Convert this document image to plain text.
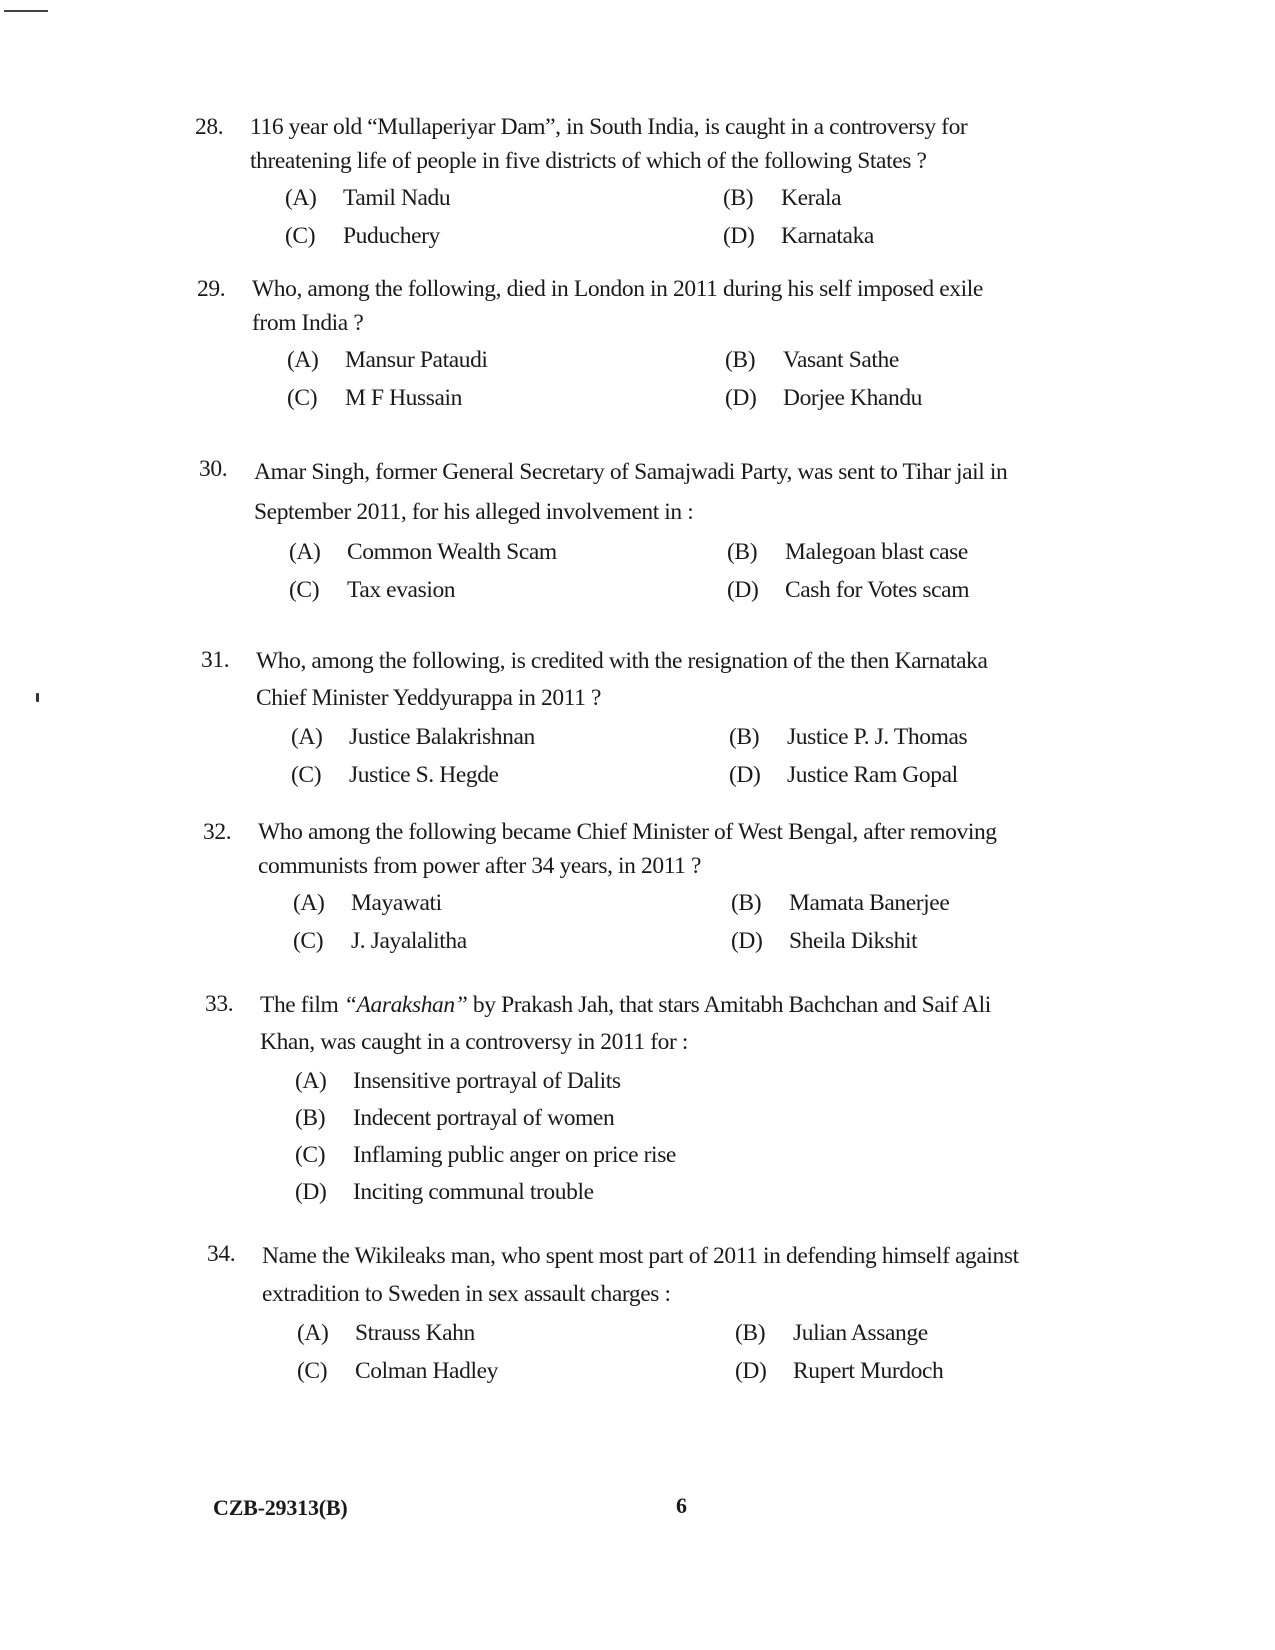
28. 116 year old “Mullaperiyar Dam”, in South India, is caught in a controversy for threatening life of people in five districts of which of the following States ?
(A)	Tamil Nadu	(B)	Kerala
(C)	Puduchery	(D)	Karnataka
29. Who, among the following, died in London in 2011 during his self imposed exile from India ?
(A)	Mansur Pataudi	(B)	Vasant Sathe
(C)	M F Hussain	(D)	Dorjee Khandu
30. Amar Singh, former General Secretary of Samajwadi Party, was sent to Tihar jail in September 2011, for his alleged involvement in :
(A)	Common Wealth Scam	(B)	Malegoan blast case
(C)	Tax evasion	(D)	Cash for Votes scam
31. Who, among the following, is credited with the resignation of the then Karnataka Chief Minister Yeddyurappa in 2011 ?
(A)	Justice Balakrishnan	(B)	Justice P. J. Thomas
(C)	Justice S. Hegde	(D)	Justice Ram Gopal
32. Who among the following became Chief Minister of West Bengal, after removing communists from power after 34 years, in 2011 ?
(A)	Mayawati	(B)	Mamata Banerjee
(C)	J. Jayalalitha	(D)	Sheila Dikshit
33. The film “Aarakshan” by Prakash Jah, that stars Amitabh Bachchan and Saif Ali Khan, was caught in a controversy in 2011 for :
(A)	Insensitive portrayal of Dalits
(B)	Indecent portrayal of women
(C)	Inflaming public anger on price rise
(D)	Inciting communal trouble
34. Name the Wikileaks man, who spent most part of 2011 in defending himself against extradition to Sweden in sex assault charges :
(A)	Strauss Kahn	(B)	Julian Assange
(C)	Colman Hadley	(D)	Rupert Murdoch
CZB-29313(B)	6
